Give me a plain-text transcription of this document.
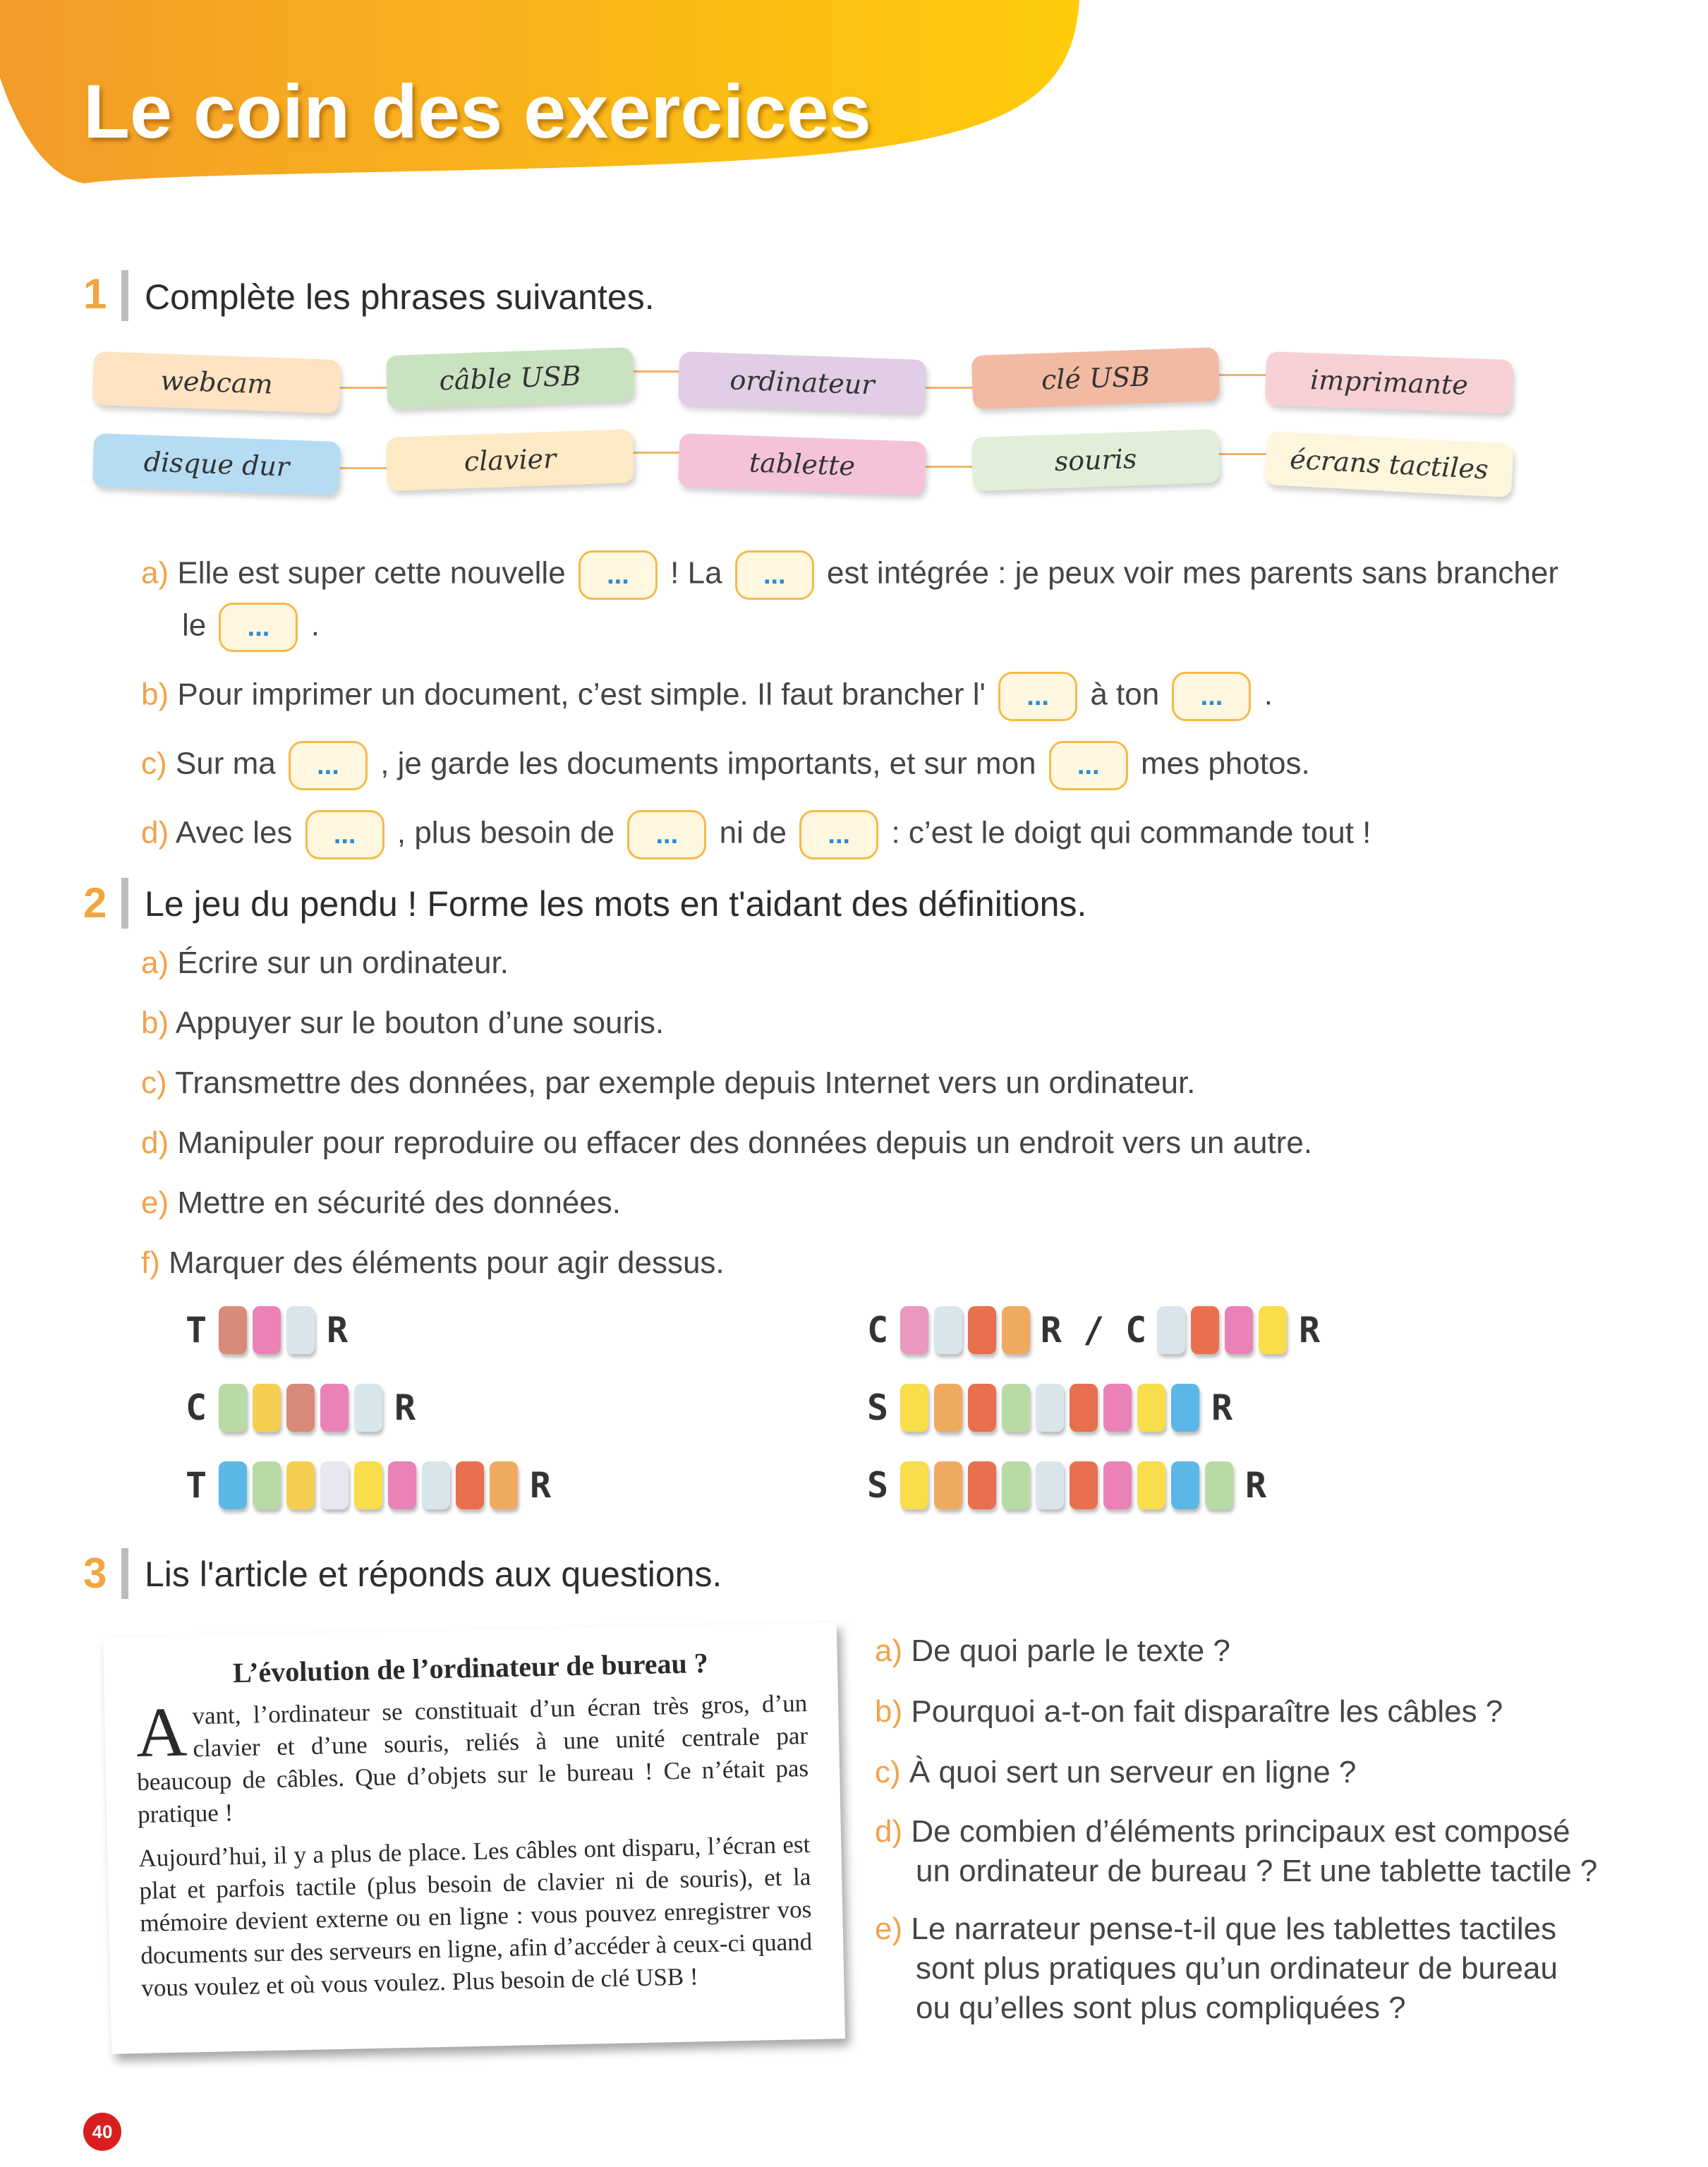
Le coin des exercices
1 Complète les phrases suivantes.
webcam	câble USB	ordinateur	clé USB	imprimante
disque dur	clavier	tablette	souris	écrans tactiles
a) Elle est super cette nouvelle ... ! La ... est intégrée : je peux voir mes parents sans brancher
le ... .
b) Pour imprimer un document, c’est simple. Il faut brancher l' ... à ton ... .
c) Sur ma ... , je garde les documents importants, et sur mon ... mes photos.
d) Avec les ... , plus besoin de ... ni de ... : c’est le doigt qui commande tout !
2 Le jeu du pendu ! Forme les mots en t'aidant des définitions.
a) Écrire sur un ordinateur.
b) Appuyer sur le bouton d’une souris.
c) Transmettre des données, par exemple depuis Internet vers un ordinateur.
d) Manipuler pour reproduire ou effacer des données depuis un endroit vers un autre.
e) Mettre en sécurité des données.
f) Marquer des éléments pour agir dessus.
T	R
C	R
T	R
C	R / C	R
S	R
S	R
3 Lis l'article et réponds aux questions.
L’évolution de l’ordinateur de bureau ?

Avant, l’ordinateur se constituait d’un écran très gros, d’un clavier et d’une souris, reliés à une unité centrale par beaucoup de câbles. Que d’objets sur le bureau ! Ce n’était pas pratique !

Aujourd’hui, il y a plus de place. Les câbles ont disparu, l’écran est plat et parfois tactile (plus besoin de clavier ni de souris), et la mémoire devient externe ou en ligne : vous pouvez enregistrer vos documents sur des serveurs en ligne, afin d’accéder à ceux-ci quand vous voulez et où vous voulez. Plus besoin de clé USB !

a) De quoi parle le texte ?
b) Pourquoi a-t-on fait disparaître les câbles ?
c) À quoi sert un serveur en ligne ?
d) De combien d’éléments principaux est composé
un ordinateur de bureau ? Et une tablette tactile ?
e) Le narrateur pense-t-il que les tablettes tactiles
sont plus pratiques qu’un ordinateur de bureau
ou qu’elles sont plus compliquées ?
40
